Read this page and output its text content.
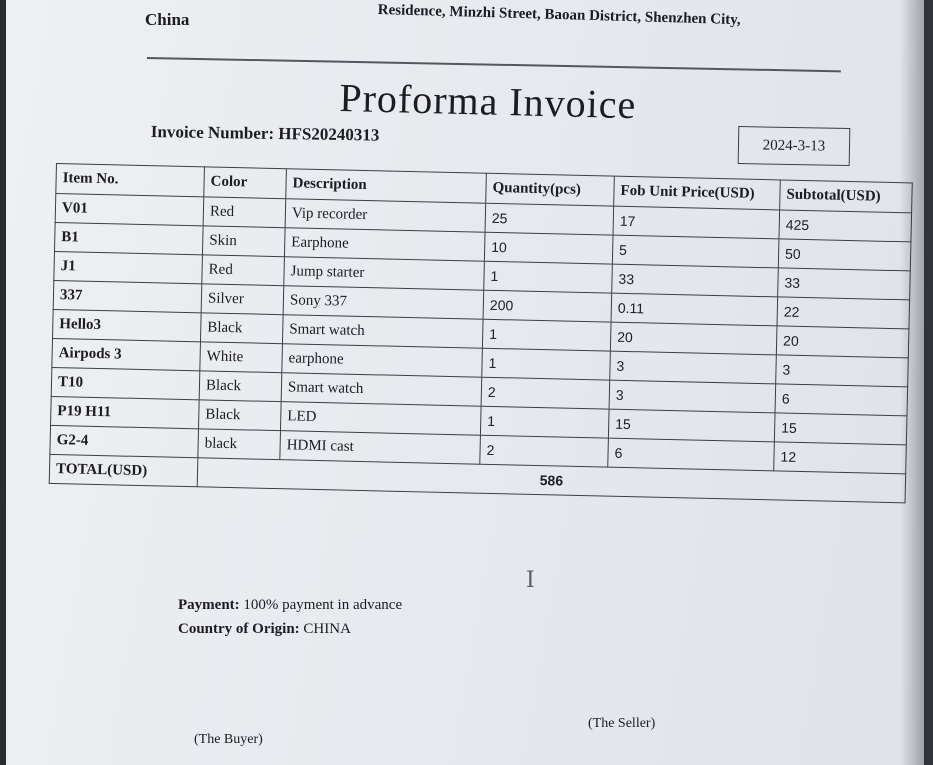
China	Residence, Minzhi Street, Baoan District, Shenzhen City,
Proforma Invoice
Invoice Number: HFS20240313
2024-3-13
Item No.	Color	Description	Quantity(pcs)	Fob Unit Price(USD)	Subtotal(USD)
V01	Red	Vip recorder	25	17	425
B1	Skin	Earphone	10	5	50
J1	Red	Jump starter	1	33	33
337	Silver	Sony 337	200	0.11	22
Hello3	Black	Smart watch	1	20	20
Airpods 3	White	earphone	1	3	3
T10	Black	Smart watch	2	3	6
P19 H11	Black	LED	1	15	15
G2-4	black	HDMI cast	2	6	12
TOTAL(USD)	586				
I
Payment: 100% payment in advance
Country of Origin: CHINA
(The Seller)
(The Buyer)
